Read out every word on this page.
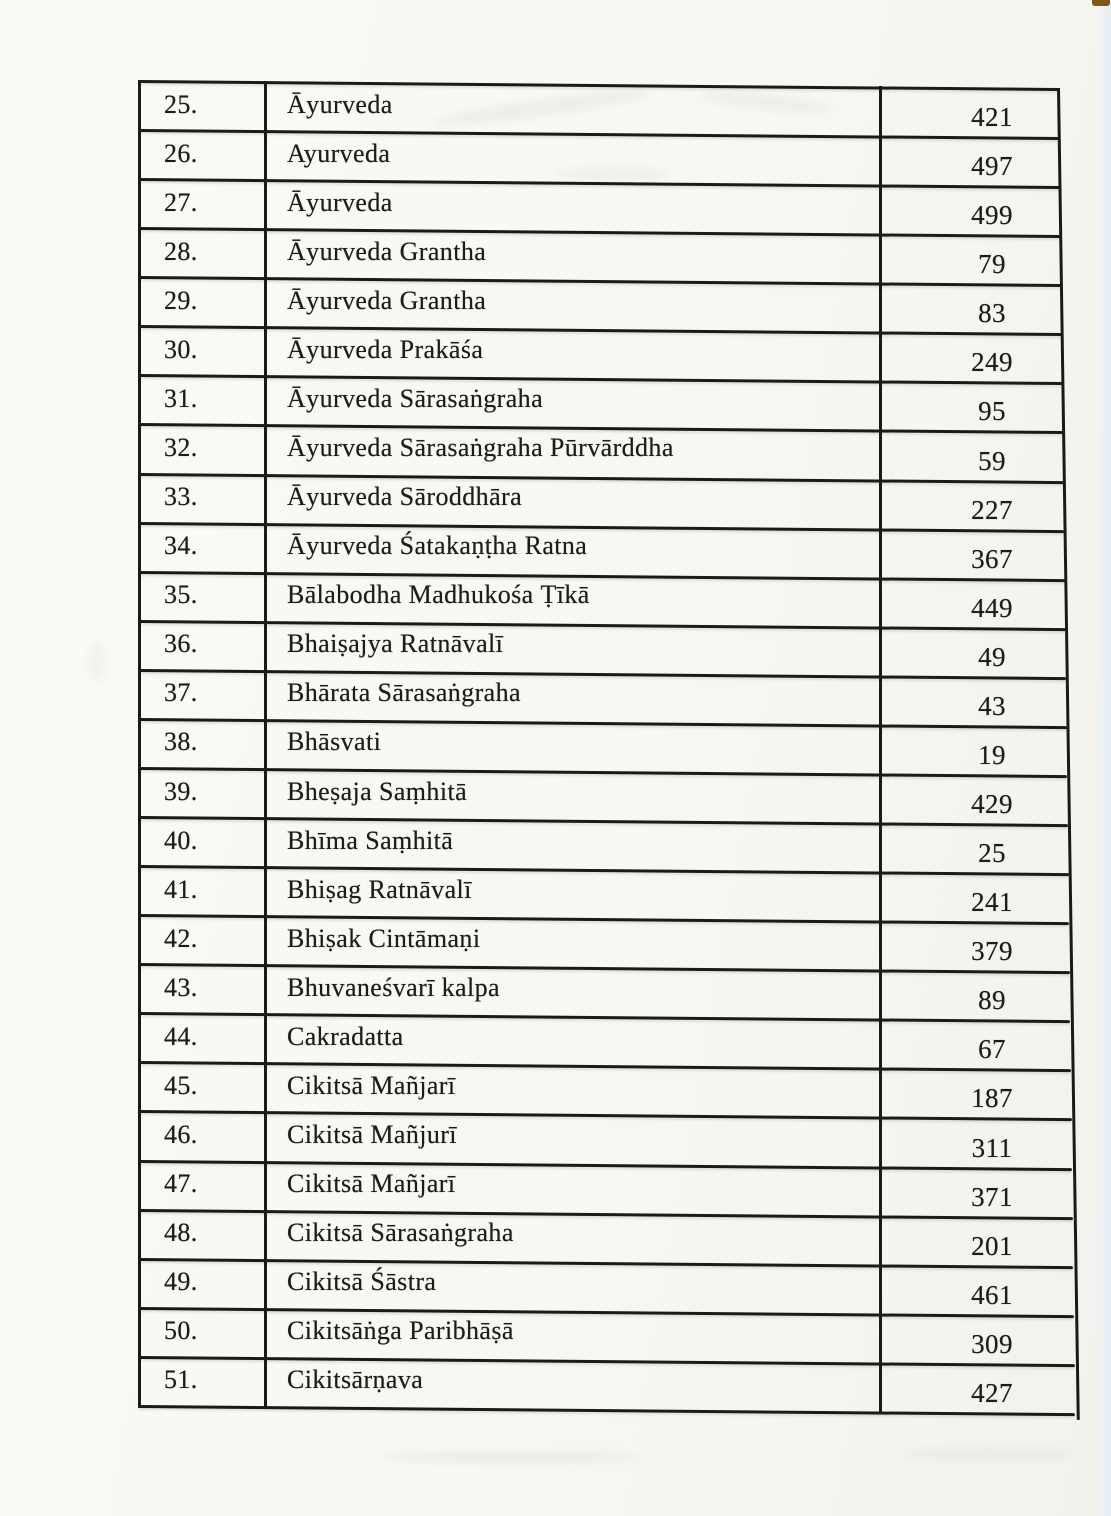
25.	Āyurveda	421
26.	Ayurveda	497
27.	Āyurveda	499
28.	Āyurveda Grantha	79
29.	Āyurveda Grantha	83
30.	Āyurveda Prakāśa	249
31.	Āyurveda Sārasaṅgraha	95
32.	Āyurveda Sārasaṅgraha Pūrvārddha	59
33.	Āyurveda Sāroddhāra	227
34.	Āyurveda Śatakaṇṭha Ratna	367
35.	Bālabodha Madhukośa Ṭīkā	449
36.	Bhaiṣajya Ratnāvalī	49
37.	Bhārata Sārasaṅgraha	43
38.	Bhāsvati	19
39.	Bheṣaja Saṃhitā	429
40.	Bhīma Saṃhitā	25
41.	Bhiṣag Ratnāvalī	241
42.	Bhiṣak Cintāmaṇi	379
43.	Bhuvaneśvarī kalpa	89
44.	Cakradatta	67
45.	Cikitsā Mañjarī	187
46.	Cikitsā Mañjurī	311
47.	Cikitsā Mañjarī	371
48.	Cikitsā Sārasaṅgraha	201
49.	Cikitsā Śāstra	461
50.	Cikitsāṅga Paribhāṣā	309
51.	Cikitsārṇava	427
